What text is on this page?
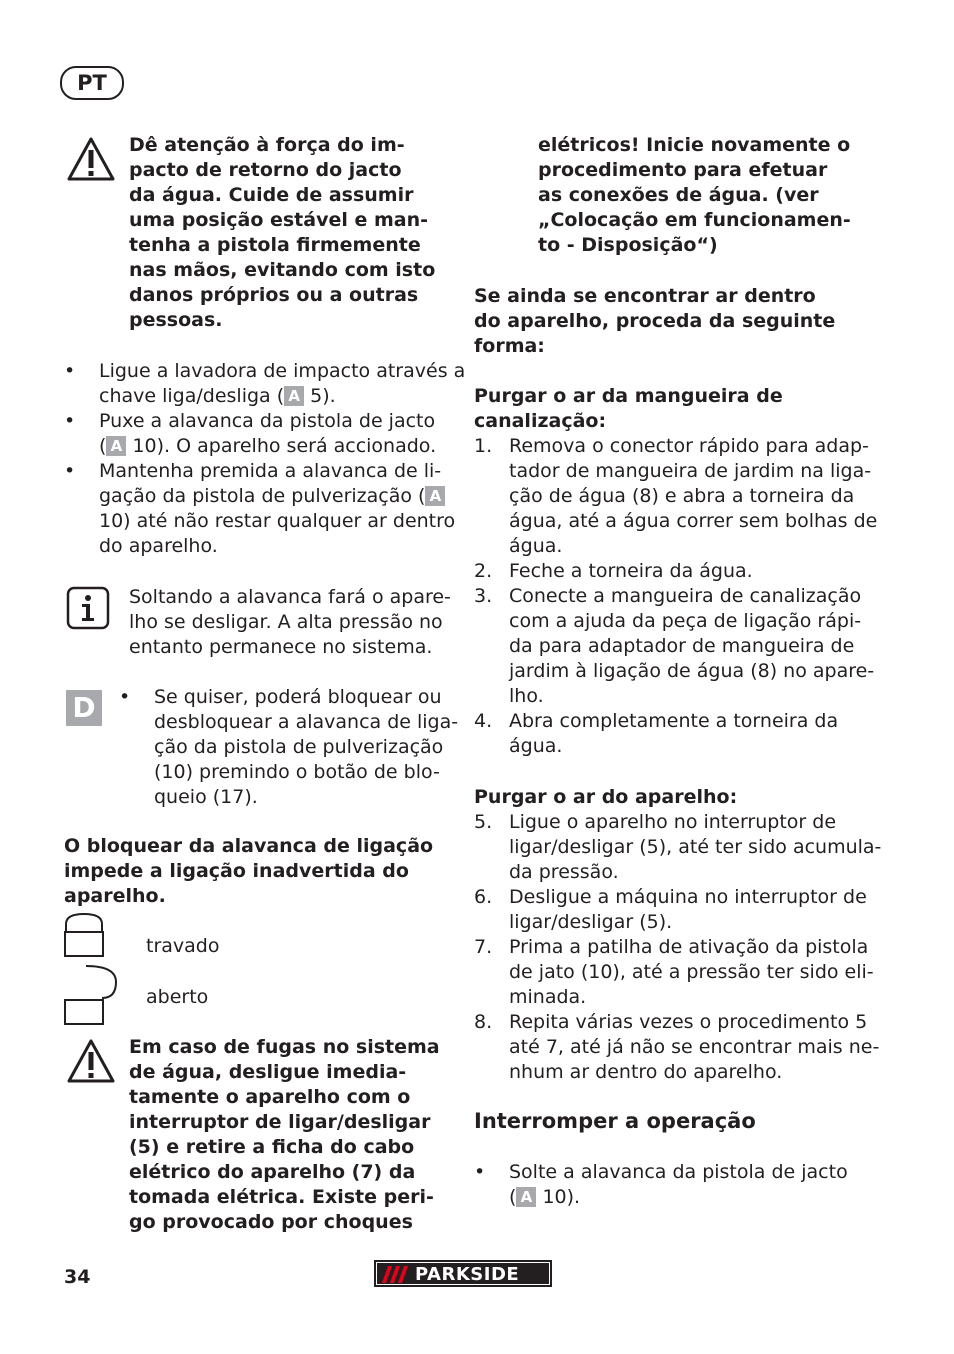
PT
Dê atenção à força do im-
pacto de retorno do jacto
da água. Cuide de assumir
uma posição estável e man-
tenha a pistola firmemente
nas mãos, evitando com isto
danos próprios ou a outras
pessoas.
• Ligue a lavadora de impacto através a
chave liga/desliga ( A 5).
• Puxe a alavanca da pistola de jacto
( A 10). O aparelho será accionado.
• Mantenha premida a alavanca de li-
gação da pistola de pulverização ( A
10) até não restar qualquer ar dentro
do aparelho.
Soltando a alavanca fará o apare-
lho se desligar. A alta pressão no
entanto permanece no sistema.
D	• Se quiser, poderá bloquear ou
desbloquear a alavanca de liga-
ção da pistola de pulverização
(10) premindo o botão de blo-
queio (17).
O bloquear da alavanca de ligação
impede a ligação inadvertida do
aparelho.
travado
aberto
Em caso de fugas no sistema
de água, desligue imedia-
tamente o aparelho com o
interruptor de ligar/desligar
(5) e retire a ficha do cabo
elétrico do aparelho (7) da
tomada elétrica. Existe peri-
go provocado por choques
elétricos! Inicie novamente o
procedimento para efetuar
as conexões de água. (ver
„Colocação em funcionamen-
to - Disposição“)
Se ainda se encontrar ar dentro
do aparelho, proceda da seguinte
forma:
Purgar o ar da mangueira de
canalização:
1. Remova o conector rápido para adap-
tador de mangueira de jardim na liga-
ção de água (8) e abra a torneira da
água, até a água correr sem bolhas de
água.
2. Feche a torneira da água.
3. Conecte a mangueira de canalização
com a ajuda da peça de ligação rápi-
da para adaptador de mangueira de
jardim à ligação de água (8) no apare-
lho.
4. Abra completamente a torneira da
água.
Purgar o ar do aparelho:
5. Ligue o aparelho no interruptor de
ligar/desligar (5), até ter sido acumula-
da pressão.
6. Desligue a máquina no interruptor de
ligar/desligar (5).
7. Prima a patilha de ativação da pistola
de jato (10), até a pressão ter sido eli-
minada.
8. Repita várias vezes o procedimento 5
até 7, até já não se encontrar mais ne-
nhum ar dentro do aparelho.
Interromper a operação
• Solte a alavanca da pistola de jacto
( A 10).
34	PARKSIDE
